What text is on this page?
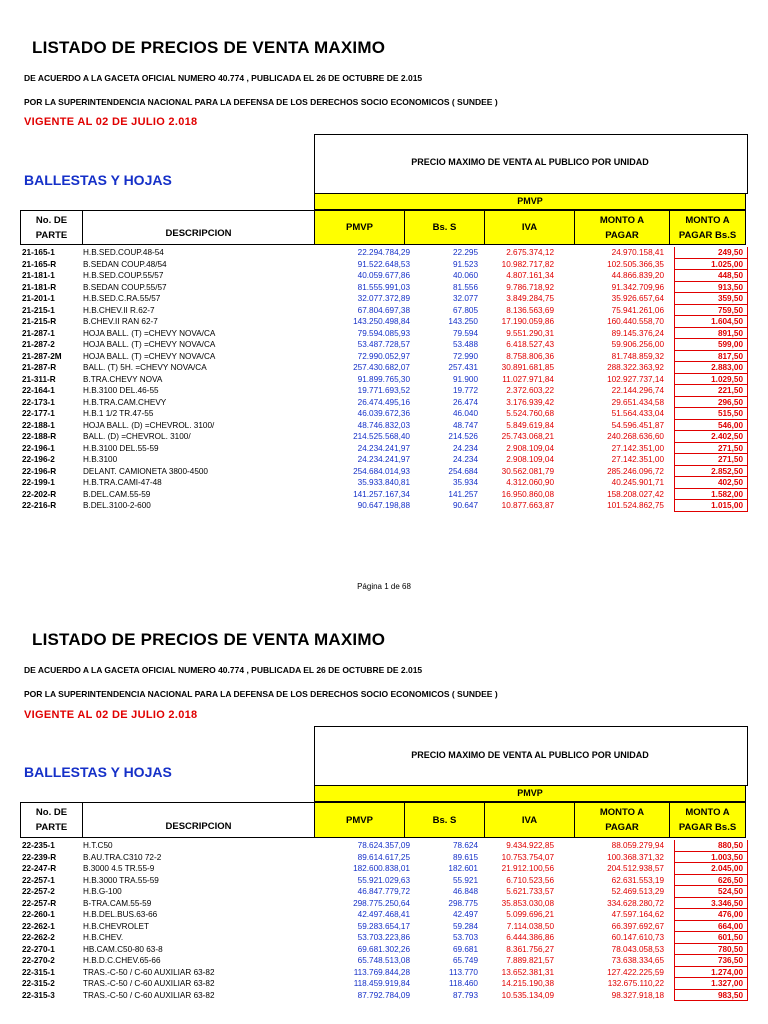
LISTADO DE PRECIOS DE VENTA MAXIMO
DE ACUERDO A LA GACETA OFICIAL NUMERO 40.774 , PUBLICADA EL 26 DE OCTUBRE DE 2.015
POR LA SUPERINTENDENCIA NACIONAL PARA LA DEFENSA DE LOS DERECHOS SOCIO ECONOMICOS ( SUNDEE )
VIGENTE AL 02 DE JULIO 2.018
BALLESTAS Y HOJAS
PRECIO MAXIMO DE VENTA AL PUBLICO POR UNIDAD
PMVP
No. DE
PARTE	DESCRIPCION
PMVP	Bs. S	IVA
MONTO A
PAGAR
MONTO A
PAGAR Bs.S
21-165-1	H.B.SED.COUP.48-54	22.294.784,29	22.295	2.675.374,12	24.970.158,41	249,50
21-165-R	B.SEDAN COUP.48/54	91.522.648,53	91.523	10.982.717,82	102.505.366,35	1.025,00
21-181-1	H.B.SED.COUP.55/57	40.059.677,86	40.060	4.807.161,34	44.866.839,20	448,50
21-181-R	B.SEDAN COUP.55/57	81.555.991,03	81.556	9.786.718,92	91.342.709,96	913,50
21-201-1	H.B.SED.C.RA.55/57	32.077.372,89	32.077	3.849.284,75	35.926.657,64	359,50
21-215-1	H.B.CHEV.II R.62-7	67.804.697,38	67.805	8.136.563,69	75.941.261,06	759,50
21-215-R	B.CHEV.II RAN 62-7	143.250.498,84	143.250	17.190.059,86	160.440.558,70	1.604,50
21-287-1	HOJA BALL. (T) =CHEVY NOVA/CA	79.594.085,93	79.594	9.551.290,31	89.145.376,24	891,50
21-287-2	HOJA BALL. (T) =CHEVY NOVA/CA	53.487.728,57	53.488	6.418.527,43	59.906.256,00	599,00
21-287-2M	HOJA BALL. (T) =CHEVY NOVA/CA	72.990.052,97	72.990	8.758.806,36	81.748.859,32	817,50
21-287-R	BALL. (T) 5H. =CHEVY NOVA/CA	257.430.682,07	257.431	30.891.681,85	288.322.363,92	2.883,00
21-311-R	B.TRA.CHEVY NOVA	91.899.765,30	91.900	11.027.971,84	102.927.737,14	1.029,50
22-164-1	H.B.3100 DEL.46-55	19.771.693,52	19.772	2.372.603,22	22.144.296,74	221,50
22-173-1	H.B.TRA.CAM.CHEVY	26.474.495,16	26.474	3.176.939,42	29.651.434,58	296,50
22-177-1	H.B.1 1/2 TR.47-55	46.039.672,36	46.040	5.524.760,68	51.564.433,04	515,50
22-188-1	HOJA BALL. (D) =CHEVROL. 3100/	48.746.832,03	48.747	5.849.619,84	54.596.451,87	546,00
22-188-R	BALL. (D) =CHEVROL. 3100/	214.525.568,40	214.526	25.743.068,21	240.268.636,60	2.402,50
22-196-1	H.B.3100 DEL.55-59	24.234.241,97	24.234	2.908.109,04	27.142.351,00	271,50
22-196-2	H.B.3100	24.234.241,97	24.234	2.908.109,04	27.142.351,00	271,50
22-196-R	DELANT. CAMIONETA 3800-4500	254.684.014,93	254.684	30.562.081,79	285.246.096,72	2.852,50
22-199-1	H.B.TRA.CAMI-47-48	35.933.840,81	35.934	4.312.060,90	40.245.901,71	402,50
22-202-R	B.DEL.CAM.55-59	141.257.167,34	141.257	16.950.860,08	158.208.027,42	1.582,00
22-216-R	B.DEL.3100-2-600	90.647.198,88	90.647	10.877.663,87	101.524.862,75	1.015,00
Página 1 de 68
LISTADO DE PRECIOS DE VENTA MAXIMO
DE ACUERDO A LA GACETA OFICIAL NUMERO 40.774 , PUBLICADA EL 26 DE OCTUBRE DE 2.015
POR LA SUPERINTENDENCIA NACIONAL PARA LA DEFENSA DE LOS DERECHOS SOCIO ECONOMICOS ( SUNDEE )
VIGENTE AL 02 DE JULIO 2.018
BALLESTAS Y HOJAS
PRECIO MAXIMO DE VENTA AL PUBLICO POR UNIDAD
PMVP
No. DE
PARTE	DESCRIPCION
PMVP	Bs. S	IVA
MONTO A
PAGAR
MONTO A
PAGAR Bs.S
22-235-1	H.T.C50	78.624.357,09	78.624	9.434.922,85	88.059.279,94	880,50
22-239-R	B.AU.TRA.C310 72-2	89.614.617,25	89.615	10.753.754,07	100.368.371,32	1.003,50
22-247-R	B.3000 4.5 TR.55-9	182.600.838,01	182.601	21.912.100,56	204.512.938,57	2.045,00
22-257-1	H.B.3000 TRA.55-59	55.921.029,63	55.921	6.710.523,56	62.631.553,19	626,50
22-257-2	H.B.G-100	46.847.779,72	46.848	5.621.733,57	52.469.513,29	524,50
22-257-R	B-TRA.CAM.55-59	298.775.250,64	298.775	35.853.030,08	334.628.280,72	3.346,50
22-260-1	H.B.DEL.BUS.63-66	42.497.468,41	42.497	5.099.696,21	47.597.164,62	476,00
22-262-1	H.B.CHEVROLET	59.283.654,17	59.284	7.114.038,50	66.397.692,67	664,00
22-262-2	H.B.CHEV.	53.703.223,86	53.703	6.444.386,86	60.147.610,73	601,50
22-270-1	HB.CAM.C50-80 63-8	69.681.302,26	69.681	8.361.756,27	78.043.058,53	780,50
22-270-2	H.B.D.C.CHEV.65-66	65.748.513,08	65.749	7.889.821,57	73.638.334,65	736,50
22-315-1	TRAS.-C-50 / C-60 AUXILIAR 63-82	113.769.844,28	113.770	13.652.381,31	127.422.225,59	1.274,00
22-315-2	TRAS.-C-50 / C-60 AUXILIAR 63-82	118.459.919,84	118.460	14.215.190,38	132.675.110,22	1.327,00
22-315-3	TRAS.-C-50 / C-60 AUXILIAR 63-82	87.792.784,09	87.793	10.535.134,09	98.327.918,18	983,50
